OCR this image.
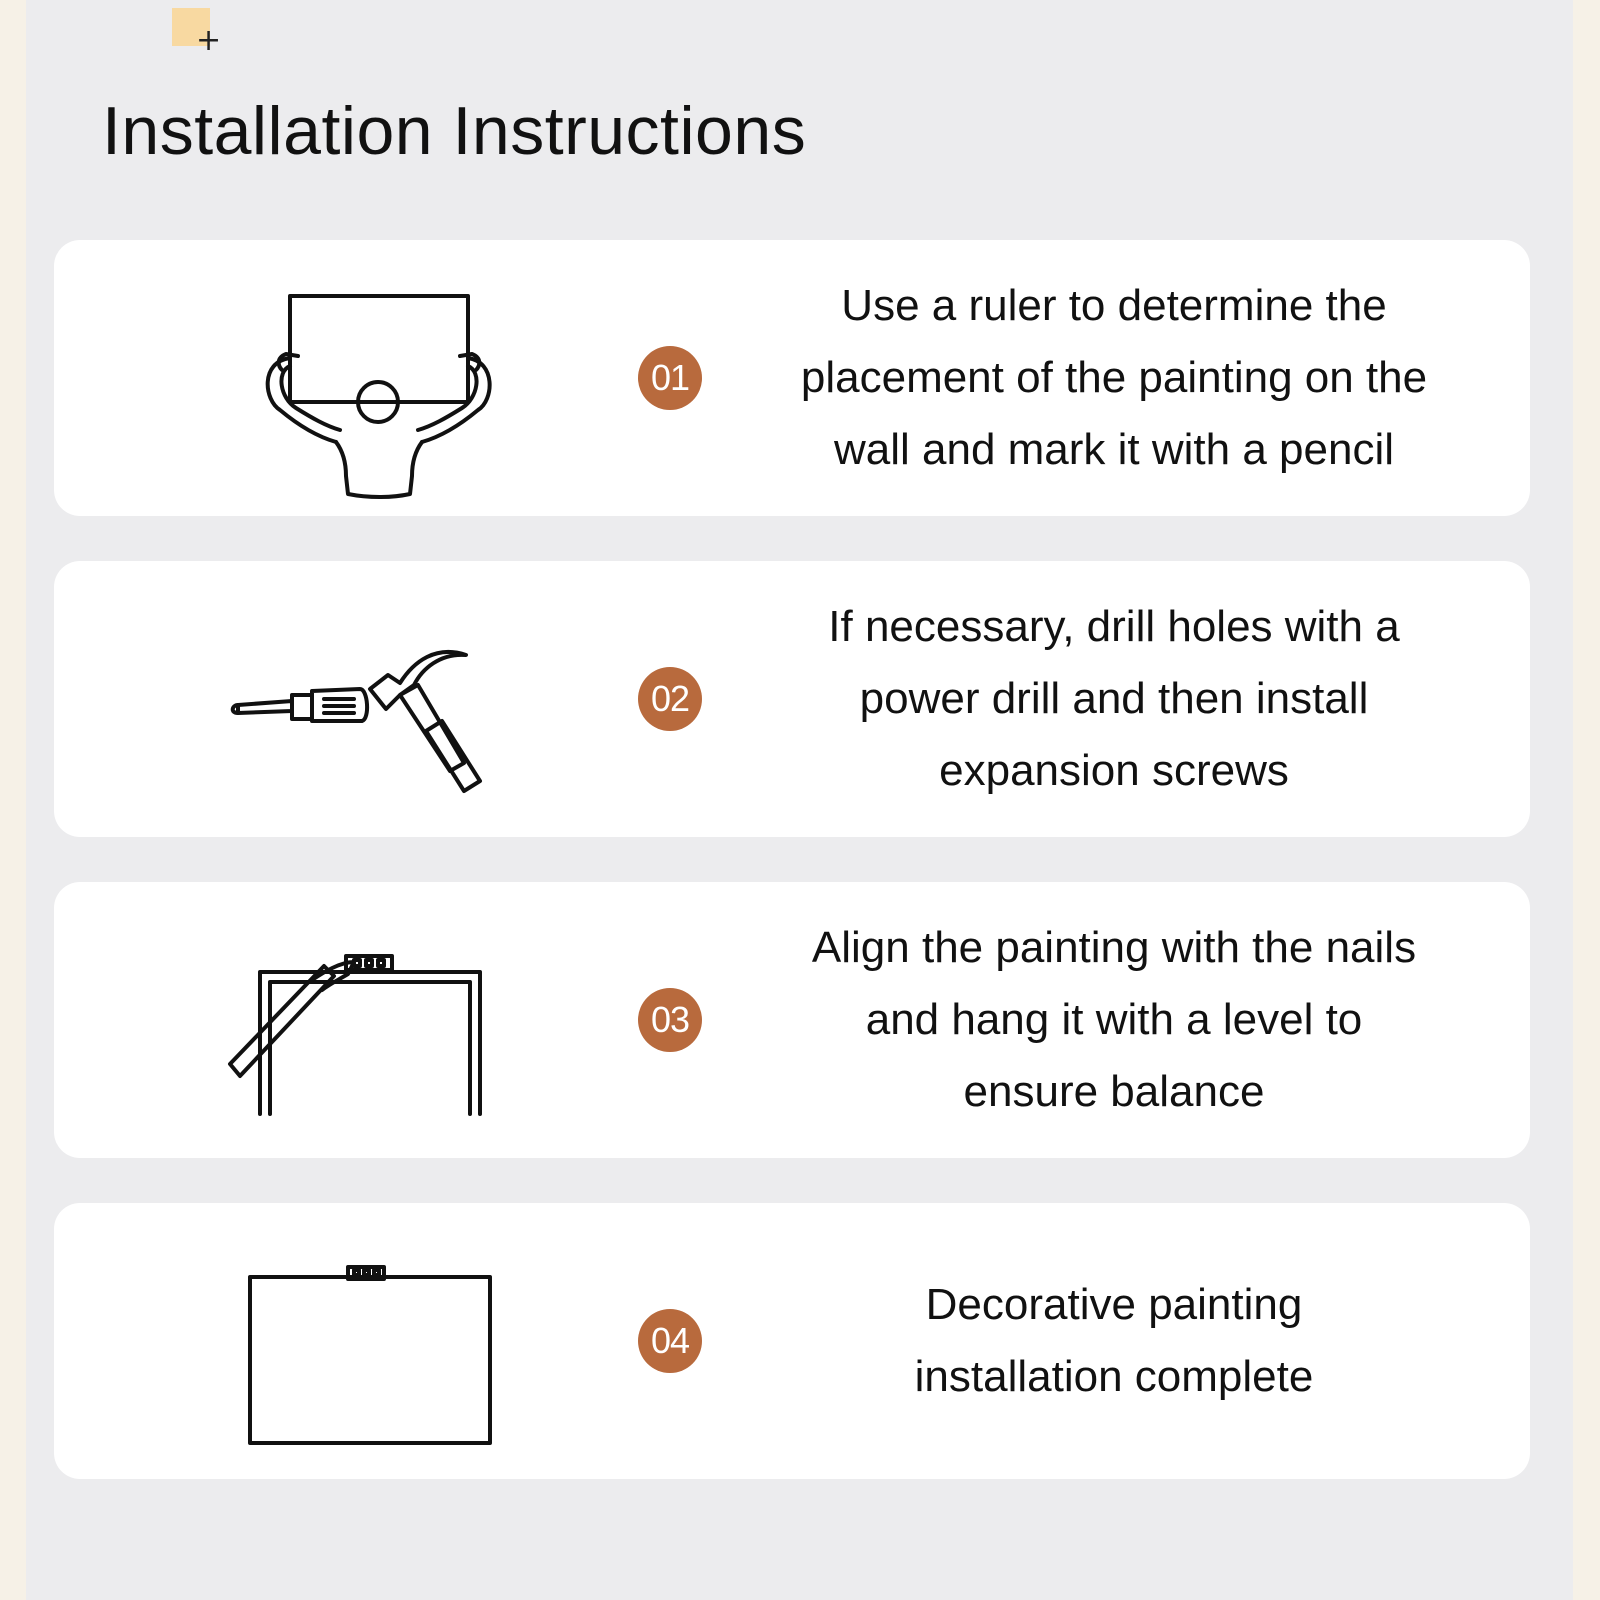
+
Installation Instructions
01
Use a ruler to determine the
placement of the painting on the
wall and mark it with a pencil
02
If necessary, drill holes with a
power drill and then install
expansion screws
03
Align the painting with the nails
and hang it with a level to
ensure balance
04
Decorative painting
installation complete
